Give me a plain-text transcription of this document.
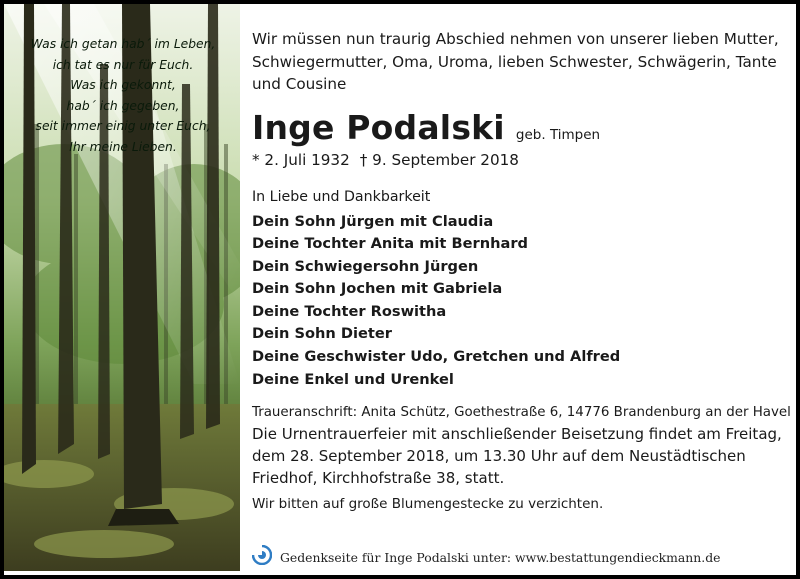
Was ich getan hab´ im Leben,
ich tat es nur für Euch.
Was ich gekonnt,
hab´ ich gegeben,
seit immer einig unter Euch,
Ihr meine Lieben.

Wir müssen nun traurig Abschied nehmen von unserer lieben Mutter, Schwiegermutter, Oma, Uroma, lieben Schwester, Schwägerin, Tante und Cousine

Inge Podalski geb. Timpen
* 2. Juli 1932 † 9. September 2018
In Liebe und Dankbarkeit
Dein Sohn Jürgen mit Claudia
Deine Tochter Anita mit Bernhard
Dein Schwiegersohn Jürgen
Dein Sohn Jochen mit Gabriela
Deine Tochter Roswitha
Dein Sohn Dieter
Deine Geschwister Udo, Gretchen und Alfred
Deine Enkel und Urenkel
Traueranschrift: Anita Schütz, Goethestraße 6, 14776 Brandenburg an der Havel
Die Urnentrauerfeier mit anschließender Beisetzung findet am Freitag, dem 28. September 2018, um 13.30 Uhr auf dem Neustädtischen Friedhof, Kirchhofstraße 38, statt.
Wir bitten auf große Blumengestecke zu verzichten.
Gedenkseite für Inge Podalski unter: www.bestattungendieckmann.de
